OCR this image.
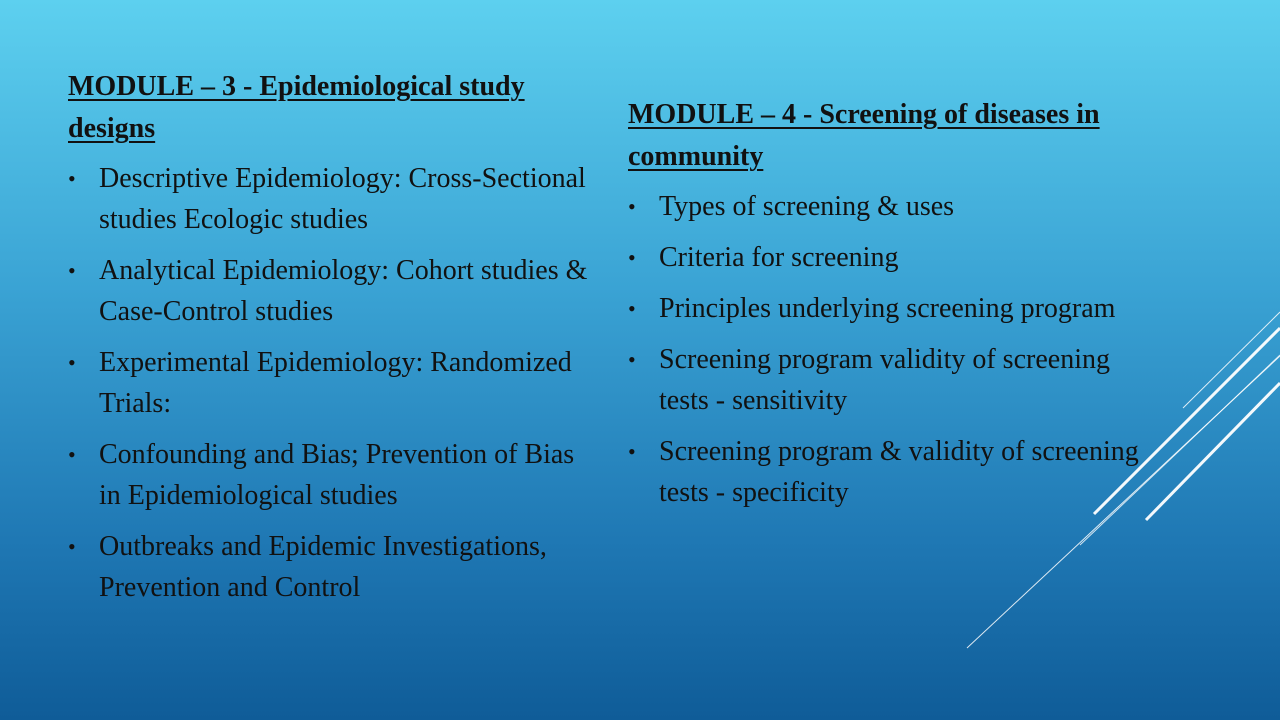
MODULE – 3 - Epidemiological study designs
• Descriptive Epidemiology: Cross-Sectional studies Ecologic studies
• Analytical Epidemiology: Cohort studies & Case-Control studies
• Experimental Epidemiology: Randomized Trials:
• Confounding and Bias; Prevention of Bias in Epidemiological studies
• Outbreaks and Epidemic Investigations, Prevention and Control
MODULE – 4 - Screening of diseases in community
• Types of screening & uses
• Criteria for screening
• Principles underlying screening program
• Screening program validity of screening tests - sensitivity
• Screening program & validity of screening tests - specificity
